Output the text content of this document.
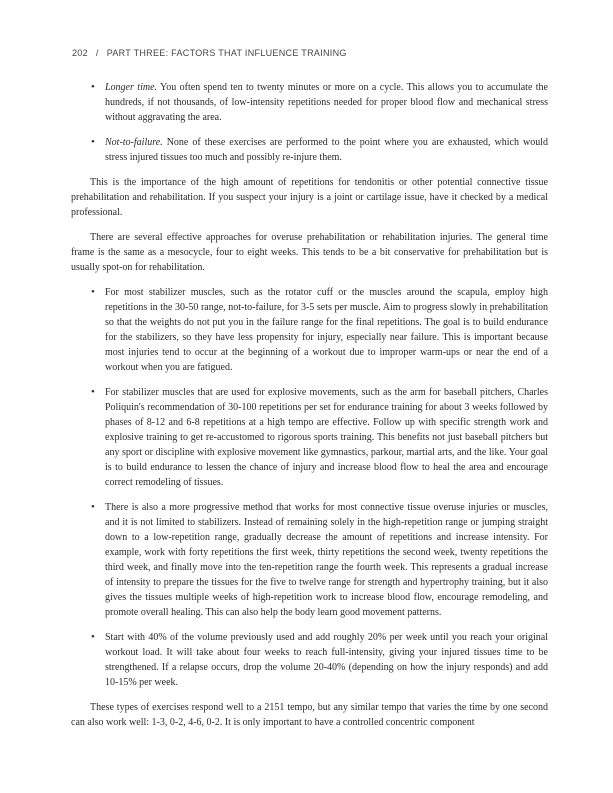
202 / PART THREE: FACTORS THAT INFLUENCE TRAINING
• Longer time. You often spend ten to twenty minutes or more on a cycle. This allows you to accumulate the hundreds, if not thousands, of low-intensity repetitions needed for proper blood flow and mechanical stress without aggravating the area.
• Not-to-failure. None of these exercises are performed to the point where you are exhausted, which would stress injured tissues too much and possibly re-injure them.

This is the importance of the high amount of repetitions for tendonitis or other potential connective tissue prehabilitation and rehabilitation. If you suspect your injury is a joint or cartilage issue, have it checked by a medical professional.

There are several effective approaches for overuse prehabilitation or rehabilitation injuries. The general time frame is the same as a mesocycle, four to eight weeks. This tends to be a bit conservative for prehabilitation but is usually spot-on for rehabilitation.

• For most stabilizer muscles, such as the rotator cuff or the muscles around the scapula, employ high repetitions in the 30-50 range, not-to-failure, for 3-5 sets per muscle. Aim to progress slowly in prehabilitation so that the weights do not put you in the failure range for the final repetitions. The goal is to build endurance for the stabilizers, so they have less propensity for injury, especially near failure. This is important because most injuries tend to occur at the beginning of a workout due to improper warm-ups or near the end of a workout when you are fatigued.
• For stabilizer muscles that are used for explosive movements, such as the arm for baseball pitchers, Charles Poliquin's recommendation of 30-100 repetitions per set for endurance training for about 3 weeks followed by phases of 8-12 and 6-8 repetitions at a high tempo are effective. Follow up with specific strength work and explosive training to get re-accustomed to rigorous sports training. This benefits not just baseball pitchers but any sport or discipline with explosive movement like gymnastics, parkour, martial arts, and the like. Your goal is to build endurance to lessen the chance of injury and increase blood flow to heal the area and encourage correct remodeling of tissues.
• There is also a more progressive method that works for most connective tissue overuse injuries or muscles, and it is not limited to stabilizers. Instead of remaining solely in the high-repetition range or jumping straight down to a low-repetition range, gradually decrease the amount of repetitions and increase intensity. For example, work with forty repetitions the first week, thirty repetitions the second week, twenty repetitions the third week, and finally move into the ten-repetition range the fourth week. This represents a gradual increase of intensity to prepare the tissues for the five to twelve range for strength and hypertrophy training, but it also gives the tissues multiple weeks of high-repetition work to increase blood flow, encourage remodeling, and promote overall healing. This can also help the body learn good movement patterns.
• Start with 40% of the volume previously used and add roughly 20% per week until you reach your original workout load. It will take about four weeks to reach full-intensity, giving your injured tissues time to be strengthened. If a relapse occurs, drop the volume 20-40% (depending on how the injury responds) and add 10-15% per week.

These types of exercises respond well to a 2151 tempo, but any similar tempo that varies the time by one second can also work well: 1-3, 0-2, 4-6, 0-2. It is only important to have a controlled concentric component
